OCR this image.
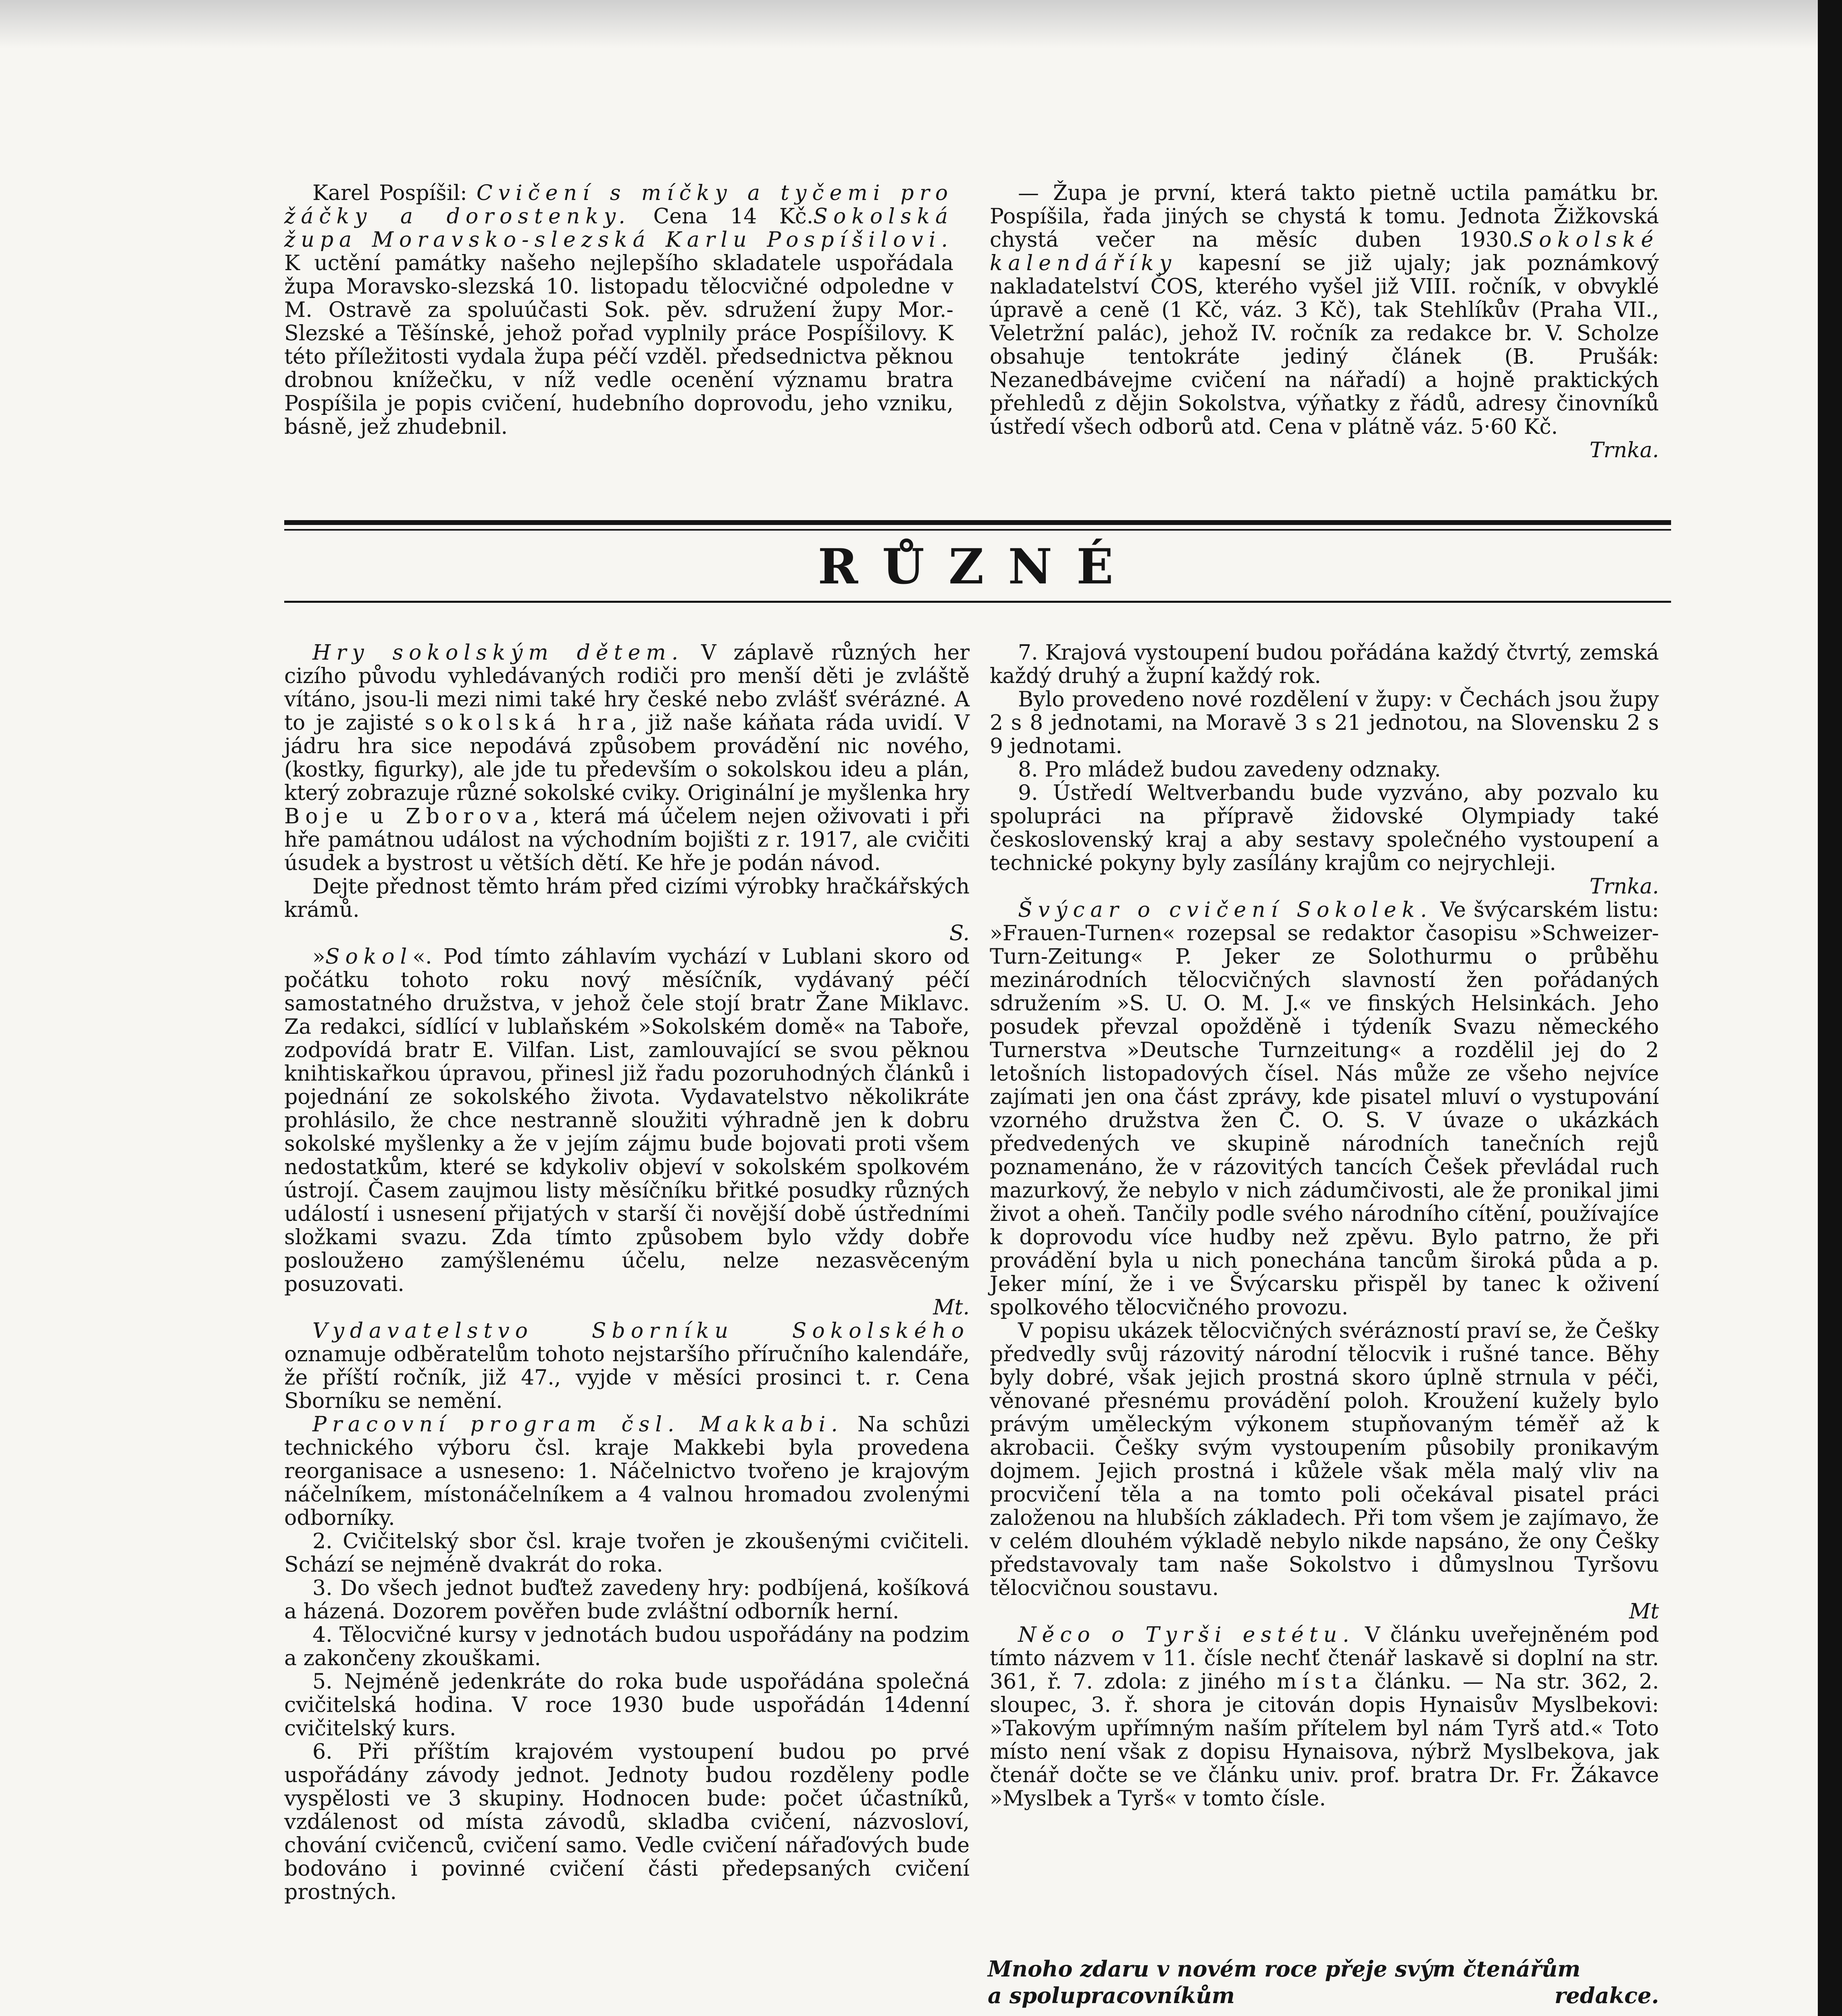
Karel Pospíšil: Cvičení s míčky a tyčemi pro žáčky a dorostenky. Cena 14 Kč.Sokolská župa Moravsko-slezská Karlu Pospíšilovi. K uctění památky našeho nejlepšího skladatele uspořádala župa Moravsko-slezská 10. listopadu tělocvičné odpoledne v M. Ostravě za spoluúčasti Sok. pěv. sdružení župy Mor.-Slezské a Těšínské, jehož pořad vyplnily práce Pospíšilovy. K této příležitosti vydala župa péčí vzděl. předsednictva pěknou drobnou knížečku, v níž vedle ocenění významu bratra Pospíšila je popis cvičení, hudebního doprovodu, jeho vzniku, básně, jež zhudebnil.

— Župa je první, která takto pietně uctila památku br. Pospíšila, řada jiných se chystá k tomu. Jednota Žižkovská chystá večer na měsíc duben 1930.Sokolské kalendáříky kapesní se již ujaly; jak poznámkový nakladatelství ČOS, kterého vyšel již VIII. ročník, v obvyklé úpravě a ceně (1 Kč, váz. 3 Kč), tak Stehlíkův (Praha VII., Veletržní palác), jehož IV. ročník za redakce br. V. Scholze obsahuje tentokráte jediný článek (B. Prušák: Nezanedbávejme cvičení na nářadí) a hojně praktických přehledů z dějin Sokolstva, výňatky z řádů, adresy činovníků ústředí všech odborů atd. Cena v plátně váz. 5·60 Kč.
Trnka.

RŮZNÉ

Hry sokolským dětem. V záplavě různých her cizího původu vyhledávaných rodiči pro menší děti je zvláště vítáno, jsou-li mezi nimi také hry české nebo zvlášť svérázné. A to je zajisté sokolská hra, již naše káňata ráda uvidí. V jádru hra sice nepodává způsobem provádění nic nového, (kostky, figurky), ale jde tu především o sokolskou ideu a plán, který zobrazuje různé sokolské cviky. Originální je myšlenka hry Boje u Zborova, která má účelem nejen oživovati i při hře památnou událost na východním bojišti z r. 1917, ale cvičiti úsudek a bystrost u větších dětí. Ke hře je podán návod.

Dejte přednost těmto hrám před cizími výrobky hračkářských krámů.
S.

»Sokol«. Pod tímto záhlavím vychází v Lublani skoro od počátku tohoto roku nový měsíčník, vydávaný péčí samostatného družstva, v jehož čele stojí bratr Žane Miklavc. Za redakci, sídlící v lublaňském »Sokolském domě« na Taboře, zodpovídá bratr E. Vilfan. List, zamlouvající se svou pěknou knihtiskařkou úpravou, přinesl již řadu pozoruhodných článků i pojednání ze sokolského života. Vydavatelstvo několikráte prohlásilo, že chce nestranně sloužiti výhradně jen k dobru sokolské myšlenky a že v jejím zájmu bude bojovati proti všem nedostatkům, které se kdykoliv objeví v sokolském spolkovém ústrojí. Časem zaujmou listy měsíčníku břitké posudky různých událostí i usnesení přijatých v starší či novější době ústředními složkami svazu. Zda tímto způsobem bylo vždy dobře posloužено zamýšlenému účelu, nelze nezasvěceným posuzovati.
Mt.

Vydavatelstvo Sborníku Sokolského oznamuje odběratelům tohoto nejstaršího příručního kalendáře, že příští ročník, již 47., vyjde v měsíci prosinci t. r. Cena Sborníku se nemění.

Pracovní program čsl. Makkabi. Na schůzi technického výboru čsl. kraje Makkebi byla provedena reorganisace a usneseno: 1. Náčelnictvo tvořeno je krajovým náčelníkem, místonáčelníkem a 4 valnou hromadou zvolenými odborníky.

2. Cvičitelský sbor čsl. kraje tvořen je zkoušenými cvičiteli. Schází se nejméně dvakrát do roka.

3. Do všech jednot buďtež zavedeny hry: podbíjená, košíková a házená. Dozorem pověřen bude zvláštní odborník herní.

4. Tělocvičné kursy v jednotách budou uspořádány na podzim a zakončeny zkouškami.

5. Nejméně jedenkráte do roka bude uspořádána společná cvičitelská hodina. V roce 1930 bude uspořádán 14denní cvičitelský kurs.

6. Při příštím krajovém vystoupení budou po prvé uspořádány závody jednot. Jednoty budou rozděleny podle vyspělosti ve 3 skupiny. Hodnocen bude: počet účastníků, vzdálenost od místa závodů, skladba cvičení, názvosloví, chování cvičenců, cvičení samo. Vedle cvičení nářaďových bude bodováno i povinné cvičení části předepsaných cvičení prostných.

7. Krajová vystoupení budou pořádána každý čtvrtý, zemská každý druhý a župní každý rok.

Bylo provedeno nové rozdělení v župy: v Čechách jsou župy 2 s 8 jednotami, na Moravě 3 s 21 jednotou, na Slovensku 2 s 9 jednotami.

8. Pro mládež budou zavedeny odznaky.

9. Ústředí Weltverbandu bude vyzváno, aby pozvalo ku spolupráci na přípravě židovské Olympiady také československý kraj a aby sestavy společného vystoupení a technické pokyny byly zasílány krajům co nejrychleji.
Trnka.

Švýcar o cvičení Sokolek. Ve švýcarském listu: »Frauen-Turnen« rozepsal se redaktor časopisu »Schweizer-Turn-Zeitung« P. Jeker ze Solothurmu o průběhu mezinárodních tělocvičných slavností žen pořádaných sdružením »S. U. O. M. J.« ve finských Helsinkách. Jeho posudek převzal opožděně i týdeník Svazu německého Turnerstva »Deutsche Turnzeitung« a rozdělil jej do 2 letošních listopadových čísel. Nás může ze všeho nejvíce zajímati jen ona část zprávy, kde pisatel mluví o vystupování vzorného družstva žen Č. O. S. V úvaze o ukázkách předvedených ve skupině národních tanečních rejů poznamenáno, že v rázovitých tancích Češek převládal ruch mazurkový, že nebylo v nich zádumčivosti, ale že pronikal jimi život a oheň. Tančily podle svého národního cítění, používajíce k doprovodu více hudby než zpěvu. Bylo patrno, že při provádění byla u nich ponechána tancům široká půda a p. Jeker míní, že i ve Švýcarsku přispěl by tanec k oživení spolkového tělocvičného provozu.

V popisu ukázek tělocvičných svérázností praví se, že Češky předvedly svůj rázovitý národní tělocvik i rušné tance. Běhy byly dobré, však jejich prostná skoro úplně strnula v péči, věnované přesnému provádění poloh. Kroužení kužely bylo právým uměleckým výkonem stupňovaným téměř až k akrobacii. Češky svým vystoupením působily pronikavým dojmem. Jejich prostná i kůžele však měla malý vliv na procvičení těla a na tomto poli očekával pisatel práci založenou na hlubších základech. Při tom všem je zajímavo, že v celém dlouhém výkladě nebylo nikde napsáno, že ony Češky představovaly tam naše Sokolstvo i důmyslnou Tyršovu tělocvičnou soustavu.
Mt

Něco o Tyrši estétu. V článku uveřejněném pod tímto názvem v 11. čísle nechť čtenář laskavě si doplní na str. 361, ř. 7. zdola: z jiného místa článku. — Na str. 362, 2. sloupec, 3. ř. shora je citován dopis Hynaisův Myslbekovi: »Takovým upřímným naším přítelem byl nám Tyrš atd.« Toto místo není však z dopisu Hynaisova, nýbrž Myslbekova, jak čtenář dočte se ve článku univ. prof. bratra Dr. Fr. Žákavce »Myslbek a Tyrš« v tomto čísle.

Mnoho zdaru v novém roce přeje svým čtenářům
a spolupracovníkům	redakce.
